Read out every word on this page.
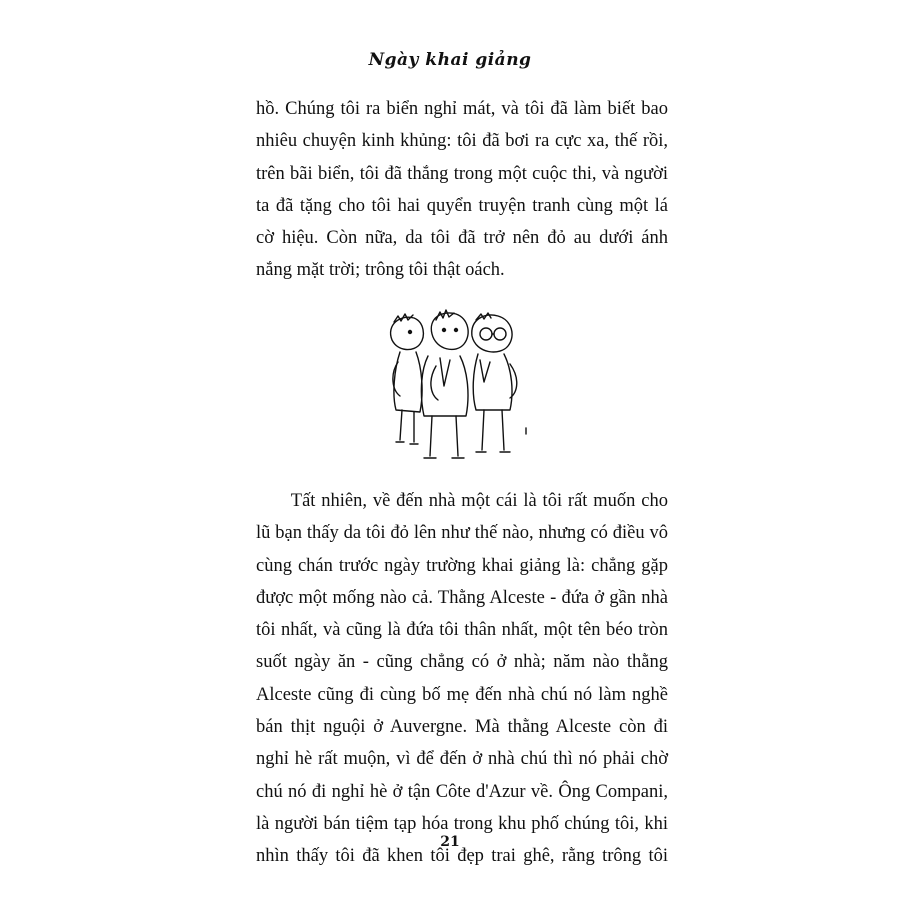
Ngày khai giảng
hồ. Chúng tôi ra biển nghỉ mát, và tôi đã làm biết bao
nhiêu chuyện kinh khủng: tôi đã bơi ra cực xa, thế rồi,
trên bãi biển, tôi đã thắng trong một cuộc thi, và người
ta đã tặng cho tôi hai quyển truyện tranh cùng một lá
cờ hiệu. Còn nữa, da tôi đã trở nên đỏ au dưới ánh
nắng mặt trời; trông tôi thật oách.
Tất nhiên, về đến nhà một cái là tôi rất muốn cho
lũ bạn thấy da tôi đỏ lên như thế nào, nhưng có điều vô
cùng chán trước ngày trường khai giảng là: chẳng gặp
được một mống nào cả. Thằng Alceste - đứa ở gần nhà
tôi nhất, và cũng là đứa tôi thân nhất, một tên béo tròn
suốt ngày ăn - cũng chẳng có ở nhà; năm nào thằng
Alceste cũng đi cùng bố mẹ đến nhà chú nó làm nghề
bán thịt nguội ở Auvergne. Mà thằng Alceste còn đi
nghỉ hè rất muộn, vì để đến ở nhà chú thì nó phải chờ
chú nó đi nghỉ hè ở tận Côte d'Azur về. Ông Compani,
là người bán tiệm tạp hóa trong khu phố chúng tôi, khi
nhìn thấy tôi đã khen tôi đẹp trai ghê, rằng trông tôi
21
